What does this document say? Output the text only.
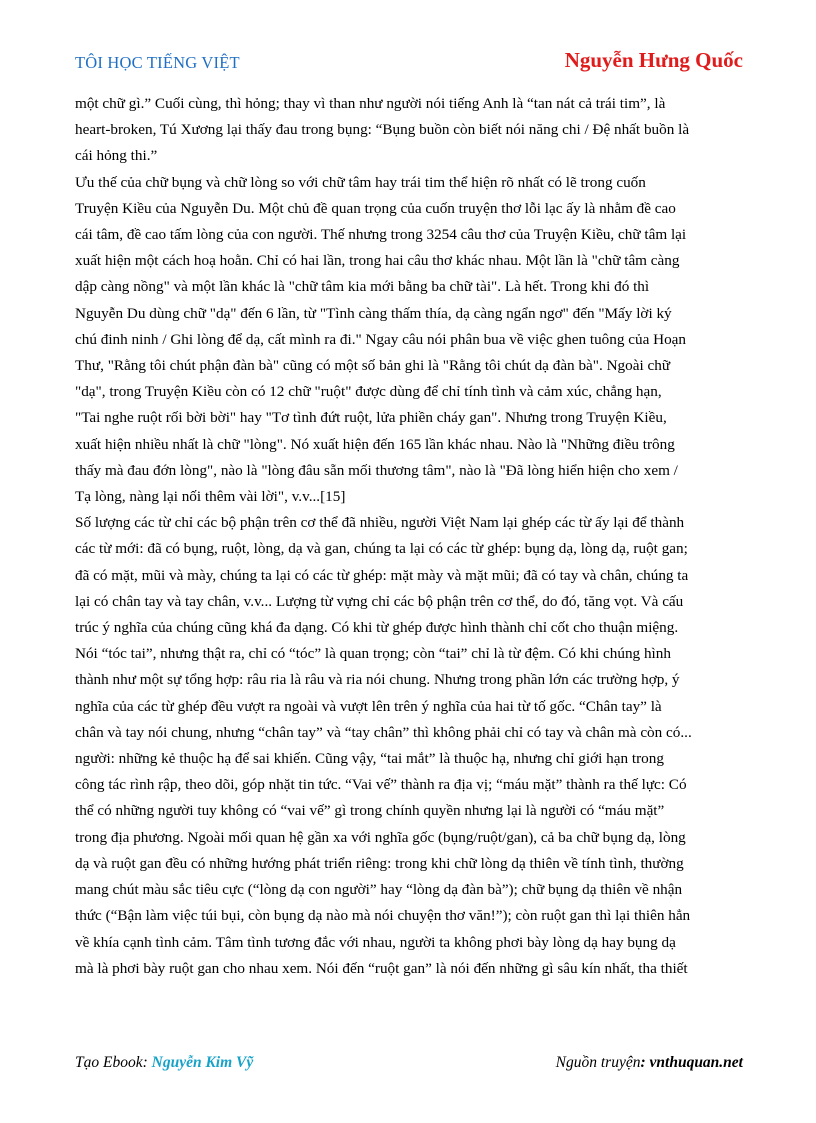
TÔI HỌC TIẾNG VIỆT	Nguyễn Hưng Quốc

một chữ gì.” Cuối cùng, thì hỏng; thay vì than như người nói tiếng Anh là “tan nát cả trái tim”, là
heart-broken, Tú Xương lại thấy đau trong bụng: “Bụng buồn còn biết nói năng chi / Đệ nhất buồn là
cái hỏng thi.”

Ưu thế của chữ bụng và chữ lòng so với chữ tâm hay trái tim thể hiện rõ nhất có lẽ trong cuốn
Truyện Kiều của Nguyễn Du. Một chủ đề quan trọng của cuốn truyện thơ lỗi lạc ấy là nhằm đề cao
cái tâm, đề cao tấm lòng của con người. Thế nhưng trong 3254 câu thơ của Truyện Kiều, chữ tâm lại
xuất hiện một cách hoạ hoằn. Chỉ có hai lần, trong hai câu thơ khác nhau. Một lần là "chữ tâm càng
dập càng nồng" và một lần khác là "chữ tâm kia mới bằng ba chữ tài". Là hết. Trong khi đó thì
Nguyễn Du dùng chữ "dạ" đến 6 lần, từ "Tình càng thấm thía, dạ càng ngẩn ngơ" đến "Mấy lời ký
chú đinh ninh / Ghi lòng để dạ, cất mình ra đi." Ngay câu nói phân bua về việc ghen tuông của Hoạn
Thư, "Rằng tôi chút phận đàn bà" cũng có một số bản ghi là "Rằng tôi chút dạ đàn bà". Ngoài chữ
"dạ", trong Truyện Kiều còn có 12 chữ "ruột" được dùng để chỉ tính tình và cảm xúc, chẳng hạn,
"Tai nghe ruột rối bời bời" hay "Tơ tình đứt ruột, lửa phiền cháy gan". Nhưng trong Truyện Kiều,
xuất hiện nhiều nhất là chữ "lòng". Nó xuất hiện đến 165 lần khác nhau. Nào là "Những điều trông
thấy mà đau đớn lòng", nào là "lòng đâu sẵn mối thương tâm", nào là "Đã lòng hiển hiện cho xem /
Tạ lòng, nàng lại nối thêm vài lời", v.v...[15]

Số lượng các từ chỉ các bộ phận trên cơ thể đã nhiều, người Việt Nam lại ghép các từ ấy lại để thành
các từ mới: đã có bụng, ruột, lòng, dạ và gan, chúng ta lại có các từ ghép: bụng dạ, lòng dạ, ruột gan;
đã có mặt, mũi và mày, chúng ta lại có các từ ghép: mặt mày và mặt mũi; đã có tay và chân, chúng ta
lại có chân tay và tay chân, v.v... Lượng từ vựng chỉ các bộ phận trên cơ thể, do đó, tăng vọt. Và cấu
trúc ý nghĩa của chúng cũng khá đa dạng. Có khi từ ghép được hình thành chỉ cốt cho thuận miệng.
Nói “tóc tai”, nhưng thật ra, chỉ có “tóc” là quan trọng; còn “tai” chỉ là từ đệm. Có khi chúng hình
thành như một sự tổng hợp: râu ria là râu và ria nói chung. Nhưng trong phần lớn các trường hợp, ý
nghĩa của các từ ghép đều vượt ra ngoài và vượt lên trên ý nghĩa của hai từ tố gốc. “Chân tay” là
chân và tay nói chung, nhưng “chân tay” và “tay chân” thì không phải chỉ có tay và chân mà còn có...
người: những kẻ thuộc hạ để sai khiến. Cũng vậy, “tai mắt” là thuộc hạ, nhưng chỉ giới hạn trong
công tác rình rập, theo dõi, góp nhặt tin tức. “Vai vế” thành ra địa vị; “máu mặt” thành ra thế lực: Có
thể có những người tuy không có “vai vế” gì trong chính quyền nhưng lại là người có “máu mặt”
trong địa phương. Ngoài mối quan hệ gần xa với nghĩa gốc (bụng/ruột/gan), cả ba chữ bụng dạ, lòng
dạ và ruột gan đều có những hướng phát triển riêng: trong khi chữ lòng dạ thiên về tính tình, thường
mang chút màu sắc tiêu cực (“lòng dạ con người” hay “lòng dạ đàn bà”); chữ bụng dạ thiên về nhận
thức (“Bận làm việc túi bụi, còn bụng dạ nào mà nói chuyện thơ văn!”); còn ruột gan thì lại thiên hẳn
về khía cạnh tình cảm. Tâm tình tương đắc với nhau, người ta không phơi bày lòng dạ hay bụng dạ
mà là phơi bày ruột gan cho nhau xem. Nói đến “ruột gan” là nói đến những gì sâu kín nhất, tha thiết

Tạo Ebook: Nguyễn Kim Vỹ	Nguồn truyện: vnthuquan.net
